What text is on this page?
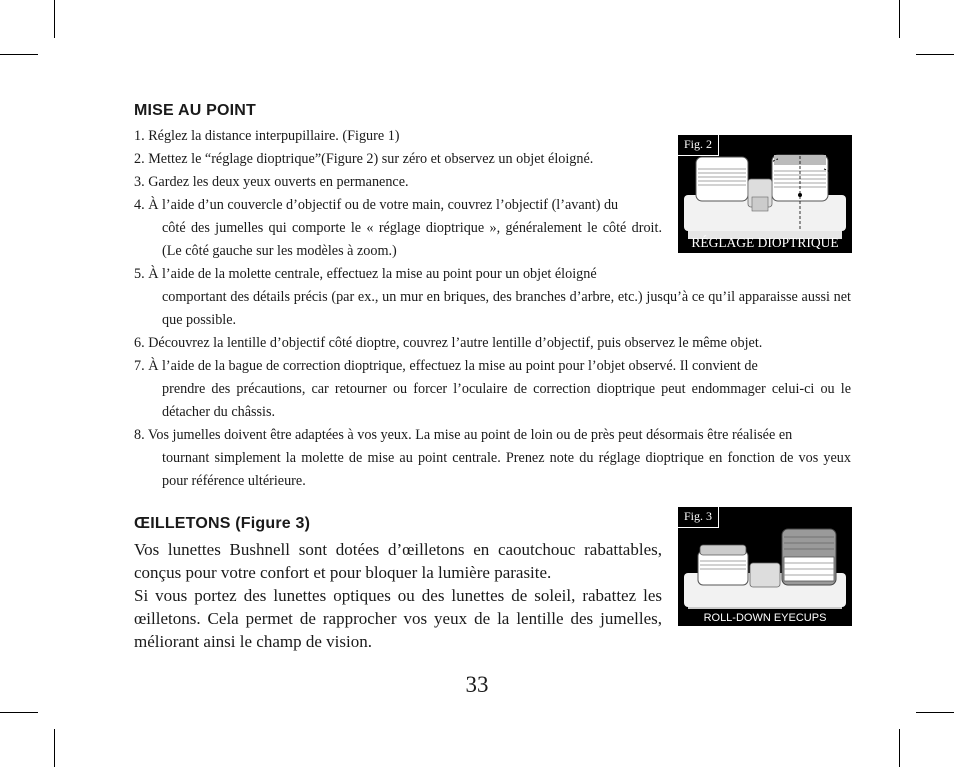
MISE AU POINT
1. Réglez la distance interpupillaire. (Figure 1)
2. Mettez le “réglage dioptrique”(Figure 2) sur zéro et observez un objet éloigné.
3. Gardez les deux yeux ouverts en permanence.
4. À l’aide d’un couvercle d’objectif ou de votre main, couvrez l’objectif (l’avant) du
côté des jumelles qui comporte le « réglage dioptrique », généralement le côté droit. (Le côté gauche sur les modèles à zoom.)
5. À l’aide de la molette centrale, effectuez la mise au point pour un objet éloigné
comportant des détails précis (par ex., un mur en briques, des branches d’arbre, etc.) jusqu’à ce qu’il apparaisse aussi net que possible.
6. Découvrez la lentille d’objectif côté dioptre, couvrez l’autre lentille d’objectif, puis observez le même objet.
7. À l’aide de la bague de correction dioptrique, effectuez la mise au point pour l’objet observé. Il convient de
prendre des précautions, car retourner ou forcer l’oculaire de correction dioptrique peut endommager celui-ci ou le détacher du châssis.
8. Vos jumelles doivent être adaptées à vos yeux. La mise au point de loin ou de près peut désormais être réalisée en
tournant simplement la molette de mise au point centrale. Prenez note du réglage dioptrique en fonction de vos yeux pour référence ultérieure.
Fig. 2
RÉGLAGE DIOPTRIQUE
ŒILLETONS (Figure 3)
Vos lunettes Bushnell sont dotées d’œilletons en caoutchouc rabattables, conçus pour votre confort et pour bloquer la lumière parasite.
Si vous portez des lunettes optiques ou des lunettes de soleil, rabattez les œilletons. Cela permet de rapprocher vos yeux de la lentille des jumelles, méliorant ainsi le champ de vision.
Fig. 3
ROLL-DOWN EYECUPS
33
